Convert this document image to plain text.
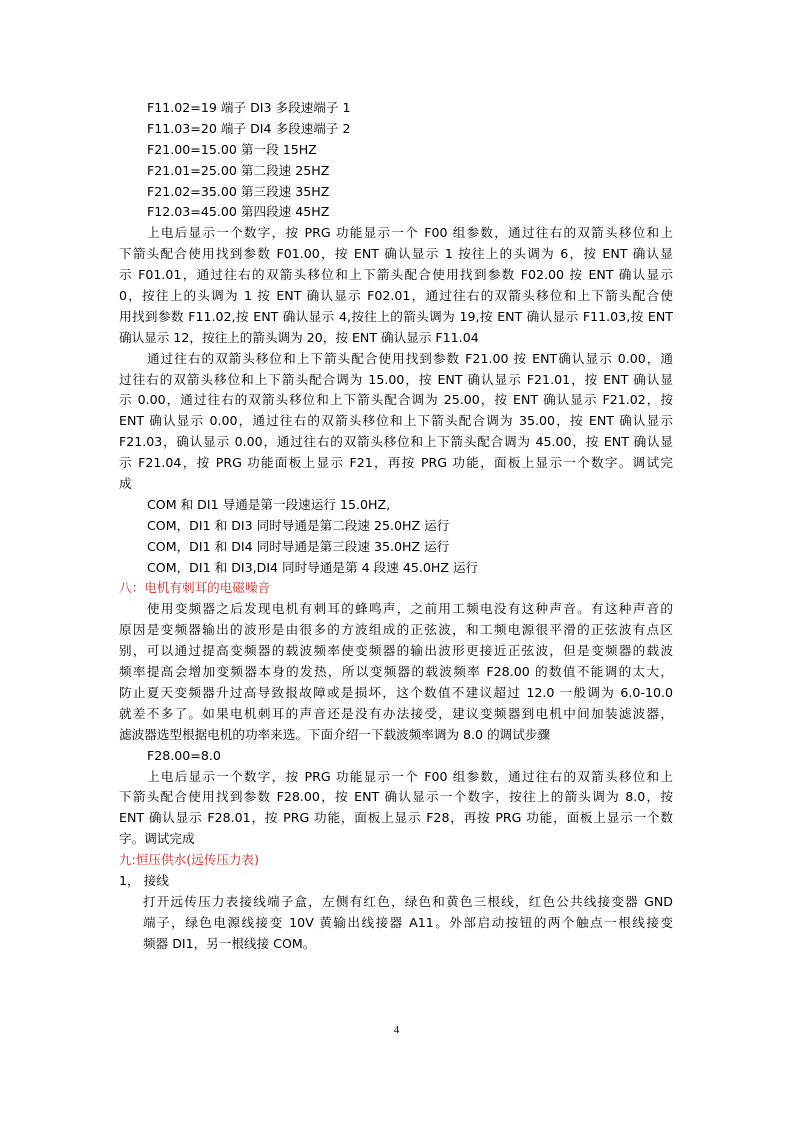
F11.02=19 端子 DI3 多段速端子 1
F11.03=20 端子 DI4 多段速端子 2
F21.00=15.00 第一段 15HZ
F21.01=25.00 第二段速 25HZ
F21.02=35.00 第三段速 35HZ
F12.03=45.00 第四段速 45HZ
上电后显示一个数字，按 PRG 功能显示一个 F00 组参数，通过往右的双箭头移位和上
下箭头配合使用找到参数 F01.00，按 ENT 确认显示 1 按往上的头调为 6，按 ENT 确认显
示 F01.01，通过往右的双箭头移位和上下箭头配合使用找到参数 F02.00 按 ENT 确认显示
0，按往上的头调为 1 按 ENT 确认显示 F02.01，通过往右的双箭头移位和上下箭头配合使
用找到参数 F11.02,按 ENT 确认显示 4,按往上的箭头调为 19,按 ENT 确认显示 F11.03,按 ENT
确认显示 12，按往上的箭头调为 20，按 ENT 确认显示 F11.04
通过往右的双箭头移位和上下箭头配合使用找到参数 F21.00 按 ENT确认显示 0.00，通
过往右的双箭头移位和上下箭头配合调为 15.00，按 ENT 确认显示 F21.01，按 ENT 确认显
示 0.00，通过往右的双箭头移位和上下箭头配合调为 25.00，按 ENT 确认显示 F21.02，按
ENT 确认显示 0.00，通过往右的双箭头移位和上下箭头配合调为 35.00，按 ENT 确认显示
F21.03，确认显示 0.00，通过往右的双箭头移位和上下箭头配合调为 45.00，按 ENT 确认显
示 F21.04，按 PRG 功能面板上显示 F21，再按 PRG 功能，面板上显示一个数字。调试完
成
COM 和 DI1 导通是第一段速运行 15.0HZ,
COM，DI1 和 DI3 同时导通是第二段速 25.0HZ 运行
COM，DI1 和 DI4 同时导通是第三段速 35.0HZ 运行
COM，DI1 和 DI3,DI4 同时导通是第 4 段速 45.0HZ 运行
八：电机有刺耳的电磁噪音
使用变频器之后发现电机有刺耳的蜂鸣声，之前用工频电没有这种声音。有这种声音的
原因是变频器输出的波形是由很多的方波组成的正弦波，和工频电源很平滑的正弦波有点区
别，可以通过提高变频器的载波频率使变频器的输出波形更接近正弦波，但是变频器的载波
频率提高会增加变频器本身的发热，所以变频器的载波频率 F28.00 的数值不能调的太大，
防止夏天变频器升过高导致报故障或是损坏，这个数值不建议超过 12.0 一般调为 6.0-10.0
就差不多了。如果电机刺耳的声音还是没有办法接受，建议变频器到电机中间加装滤波器，
滤波器选型根据电机的功率来选。下面介绍一下载波频率调为 8.0 的调试步骤
F28.00=8.0
上电后显示一个数字，按 PRG 功能显示一个 F00 组参数，通过往右的双箭头移位和上
下箭头配合使用找到参数 F28.00，按 ENT 确认显示一个数字，按往上的箭头调为 8.0，按
ENT 确认显示 F28.01，按 PRG 功能，面板上显示 F28，再按 PRG 功能，面板上显示一个数
字。调试完成
九:恒压供水(远传压力表)
1， 接线
打开远传压力表接线端子盒，左侧有红色，绿色和黄色三根线，红色公共线接变器 GND
端子，绿色电源线接变 10V 黄输出线接器 A11。外部启动按钮的两个触点一根线接变
频器 DI1，另一根线接 COM。
4
